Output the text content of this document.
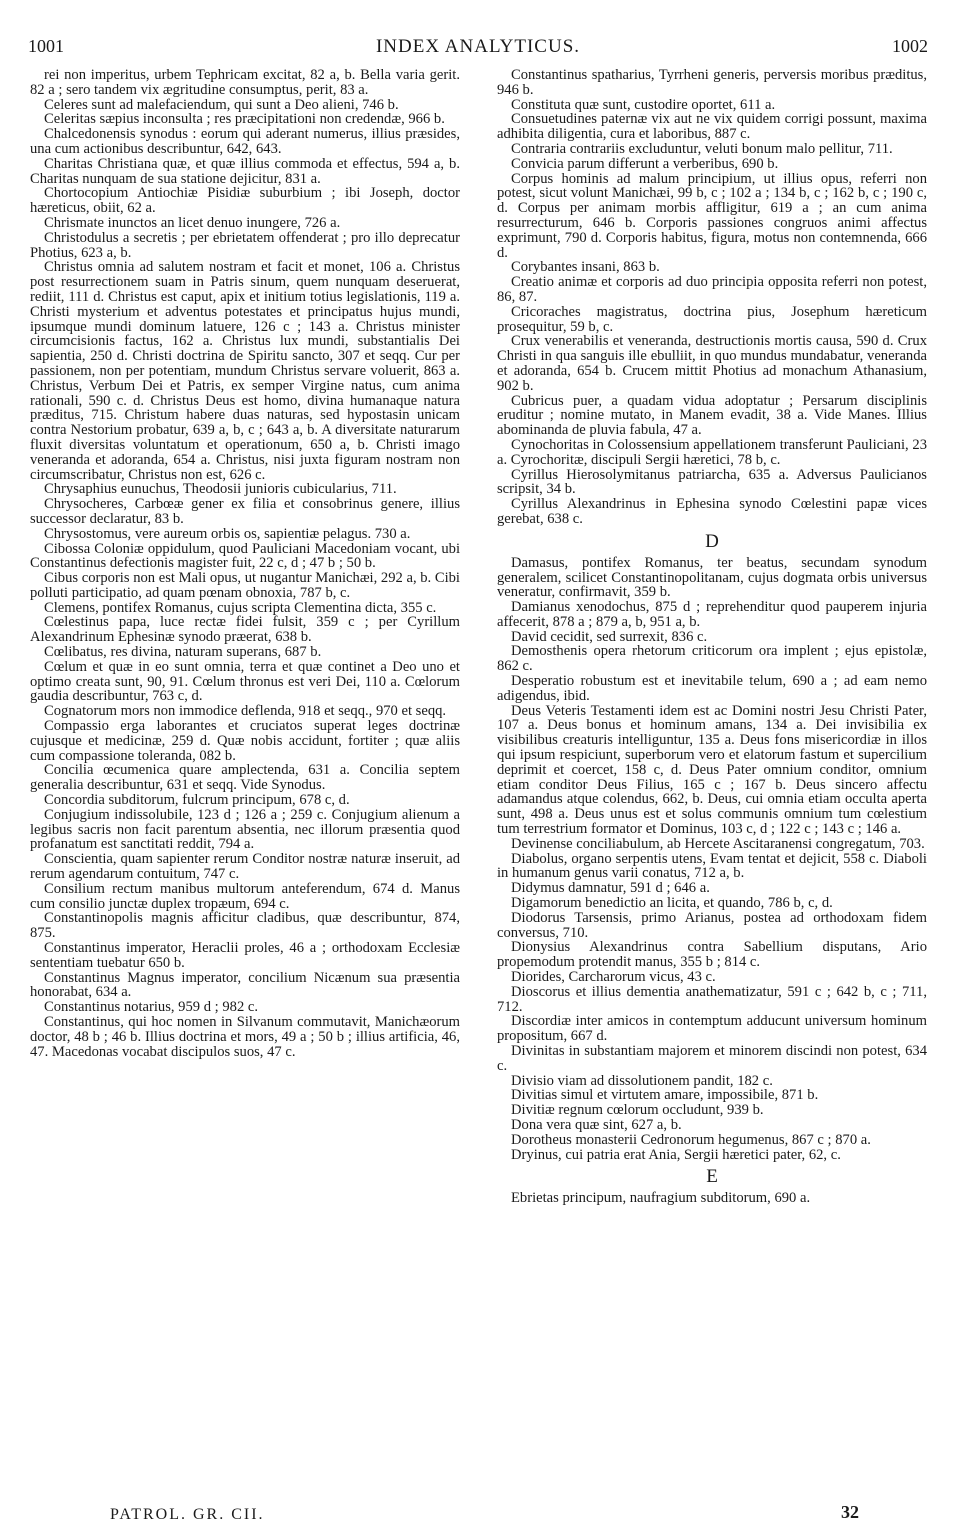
1001	INDEX ANALYTICUS.	1002

rei non imperitus, urbem Tephricam excitat, 82 a, b. Bella varia gerit. 82 a ; sero tandem vix ægritudine consumptus, perit, 83 a.

Celeres sunt ad malefaciendum, qui sunt a Deo alieni, 746 b.

Celeritas sæpius inconsulta ; res præcipitationi non credendæ, 966 b.

Chalcedonensis synodus : eorum qui aderant numerus, illius præsides, una cum actionibus describuntur, 642, 643.

Charitas Christiana quæ, et quæ illius commoda et effectus, 594 a, b. Charitas nunquam de sua statione dejicitur, 831 a.

Chortocopium Antiochiæ Pisidiæ suburbium ; ibi Joseph, doctor hæreticus, obiit, 62 a.

Chrismate inunctos an licet denuo inungere, 726 a.

Christodulus a secretis ; per ebrietatem offenderat ; pro illo deprecatur Photius, 623 a, b.

Christus omnia ad salutem nostram et facit et monet, 106 a. Christus post resurrectionem suam in Patris sinum, quem nunquam deseruerat, rediit, 111 d. Christus est caput, apix et initium totius legislationis, 119 a. Christi mysterium et adventus potestates et principatus hujus mundi, ipsumque mundi dominum latuere, 126 c ; 143 a. Christus minister circumcisionis factus, 162 a. Christus lux mundi, substantialis Dei sapientia, 250 d. Christi doctrina de Spiritu sancto, 307 et seqq. Cur per passionem, non per potentiam, mundum Christus servare voluerit, 863 a. Christus, Verbum Dei et Patris, ex semper Virgine natus, cum anima rationali, 590 c. d. Christus Deus est homo, divina humanaque natura præditus, 715. Christum habere duas naturas, sed hypostasin unicam contra Nestorium probatur, 639 a, b, c ; 643 a, b. A diversitate naturarum fluxit diversitas voluntatum et operationum, 650 a, b. Christi imago veneranda et adoranda, 654 a. Christus, nisi juxta figuram nostram non circumscribatur, Christus non est, 626 c.

Chrysaphius eunuchus, Theodosii junioris cubicularius, 711.

Chrysocheres, Carbœæ gener ex filia et consobrinus genere, illius successor declaratur, 83 b.

Chrysostomus, vere aureum orbis os, sapientiæ pelagus. 730 a.

Cibossa Coloniæ oppidulum, quod Pauliciani Macedoniam vocant, ubi Constantinus defectionis magister fuit, 22 c, d ; 47 b ; 50 b.

Cibus corporis non est Mali opus, ut nugantur Manichæi, 292 a, b. Cibi polluti participatio, ad quam pœnam obnoxia, 787 b, c.

Clemens, pontifex Romanus, cujus scripta Clementina dicta, 355 c.

Cœlestinus papa, luce rectæ fidei fulsit, 359 c ; per Cyrillum Alexandrinum Ephesinæ synodo præerat, 638 b.

Cœlibatus, res divina, naturam superans, 687 b.

Cœlum et quæ in eo sunt omnia, terra et quæ continet a Deo uno et optimo creata sunt, 90, 91. Cœlum thronus est veri Dei, 110 a. Cœlorum gaudia describuntur, 763 c, d.

Cognatorum mors non immodice deflenda, 918 et seqq., 970 et seqq.

Compassio erga laborantes et cruciatos superat leges doctrinæ cujusque et medicinæ, 259 d. Quæ nobis accidunt, fortiter ; quæ aliis cum compassione toleranda, 082 b.

Concilia œcumenica quare amplectenda, 631 a. Concilia septem generalia describuntur, 631 et seqq. Vide Synodus.

Concordia subditorum, fulcrum principum, 678 c, d.

Conjugium indissolubile, 123 d ; 126 a ; 259 c. Conjugium alienum a legibus sacris non facit parentum absentia, nec illorum præsentia quod profanatum est sanctitati reddit, 794 a.

Conscientia, quam sapienter rerum Conditor nostræ naturæ inseruit, ad rerum agendarum contuitum, 747 c.

Consilium rectum manibus multorum anteferendum, 674 d. Manus cum consilio junctæ duplex tropæum, 694 c.

Constantinopolis magnis afficitur cladibus, quæ describuntur, 874, 875.

Constantinus imperator, Heraclii proles, 46 a ; orthodoxam Ecclesiæ sententiam tuebatur 650 b.

Constantinus Magnus imperator, concilium Nicænum sua præsentia honorabat, 634 a.

Constantinus notarius, 959 d ; 982 c.

Constantinus, qui hoc nomen in Silvanum commutavit, Manichæorum doctor, 48 b ; 46 b. Illius doctrina et mors, 49 a ; 50 b ; illius artificia, 46, 47. Macedonas vocabat discipulos suos, 47 c.

Constantinus spatharius, Tyrrheni generis, perversis moribus præditus, 946 b.

Constituta quæ sunt, custodire oportet, 611 a.

Consuetudines paternæ vix aut ne vix quidem corrigi possunt, maxima adhibita diligentia, cura et laboribus, 887 c.

Contraria contrariis excluduntur, veluti bonum malo pellitur, 711.

Convicia parum differunt a verberibus, 690 b.

Corpus hominis ad malum principium, ut illius opus, referri non potest, sicut volunt Manichæi, 99 b, c ; 102 a ; 134 b, c ; 162 b, c ; 190 c, d. Corpus per animam morbis affligitur, 619 a ; an cum anima resurrecturum, 646 b. Corporis passiones congruos animi affectus exprimunt, 790 d. Corporis habitus, figura, motus non contemnenda, 666 d.

Corybantes insani, 863 b.

Creatio animæ et corporis ad duo principia opposita referri non potest, 86, 87.

Cricoraches magistratus, doctrina pius, Josephum hæreticum prosequitur, 59 b, c.

Crux venerabilis et veneranda, destructionis mortis causa, 590 d. Crux Christi in qua sanguis ille ebulliit, in quo mundus mundabatur, veneranda et adoranda, 654 b. Crucem mittit Photius ad monachum Athanasium, 902 b.

Cubricus puer, a quadam vidua adoptatur ; Persarum disciplinis eruditur ; nomine mutato, in Manem evadit, 38 a. Vide Manes. Illius abominanda de pluvia fabula, 47 a.

Cynochoritas in Colossensium appellationem transferunt Pauliciani, 23 a. Cyrochoritæ, discipuli Sergii hæretici, 78 b, c.

Cyrillus Hierosolymitanus patriarcha, 635 a. Adversus Paulicianos scripsit, 34 b.

Cyrillus Alexandrinus in Ephesina synodo Cœlestini papæ vices gerebat, 638 c.

D

Damasus, pontifex Romanus, ter beatus, secundam synodum generalem, scilicet Constantinopolitanam, cujus dogmata orbis universus veneratur, confirmavit, 359 b.

Damianus xenodochus, 875 d ; reprehenditur quod pauperem injuria affecerit, 878 a ; 879 a, b, 951 a, b.

David cecidit, sed surrexit, 836 c.

Demosthenis opera rhetorum criticorum ora implent ; ejus epistolæ, 862 c.

Desperatio robustum est et inevitabile telum, 690 a ; ad eam nemo adigendus, ibid.

Deus Veteris Testamenti idem est ac Domini nostri Jesu Christi Pater, 107 a. Deus bonus et hominum amans, 134 a. Dei invisibilia ex visibilibus creaturis intelliguntur, 135 a. Deus fons misericordiæ in illos qui ipsum respiciunt, superborum vero et elatorum fastum et supercilium deprimit et coercet, 158 c, d. Deus Pater omnium conditor, omnium etiam conditor Deus Filius, 165 c ; 167 b. Deus sincero affectu adamandus atque colendus, 662, b. Deus, cui omnia etiam occulta aperta sunt, 498 a. Deus unus est et solus communis omnium tum cœlestium tum terrestrium formator et Dominus, 103 c, d ; 122 c ; 143 c ; 146 a.

Devinense conciliabulum, ab Hercete Ascitaranensi congregatum, 703.

Diabolus, organo serpentis utens, Evam tentat et dejicit, 558 c. Diaboli in humanum genus varii conatus, 712 a, b.

Didymus damnatur, 591 d ; 646 a.

Digamorum benedictio an licita, et quando, 786 b, c, d.

Diodorus Tarsensis, primo Arianus, postea ad orthodoxam fidem conversus, 710.

Dionysius Alexandrinus contra Sabellium disputans, Ario propemodum protendit manus, 355 b ; 814 c.

Diorides, Carcharorum vicus, 43 c.

Dioscorus et illius dementia anathematizatur, 591 c ; 642 b, c ; 711, 712.

Discordiæ inter amicos in contemptum adducunt universum hominum propositum, 667 d.

Divinitas in substantiam majorem et minorem discindi non potest, 634 c.

Divisio viam ad dissolutionem pandit, 182 c.

Divitias simul et virtutem amare, impossibile, 871 b.

Divitiæ regnum cœlorum occludunt, 939 b.

Dona vera quæ sint, 627 a, b.

Dorotheus monasterii Cedronorum hegumenus, 867 c ; 870 a.

Dryinus, cui patria erat Ania, Sergii hæretici pater, 62, c.

E

Ebrietas principum, naufragium subditorum, 690 a.

PATROL. GR. CII.	32
